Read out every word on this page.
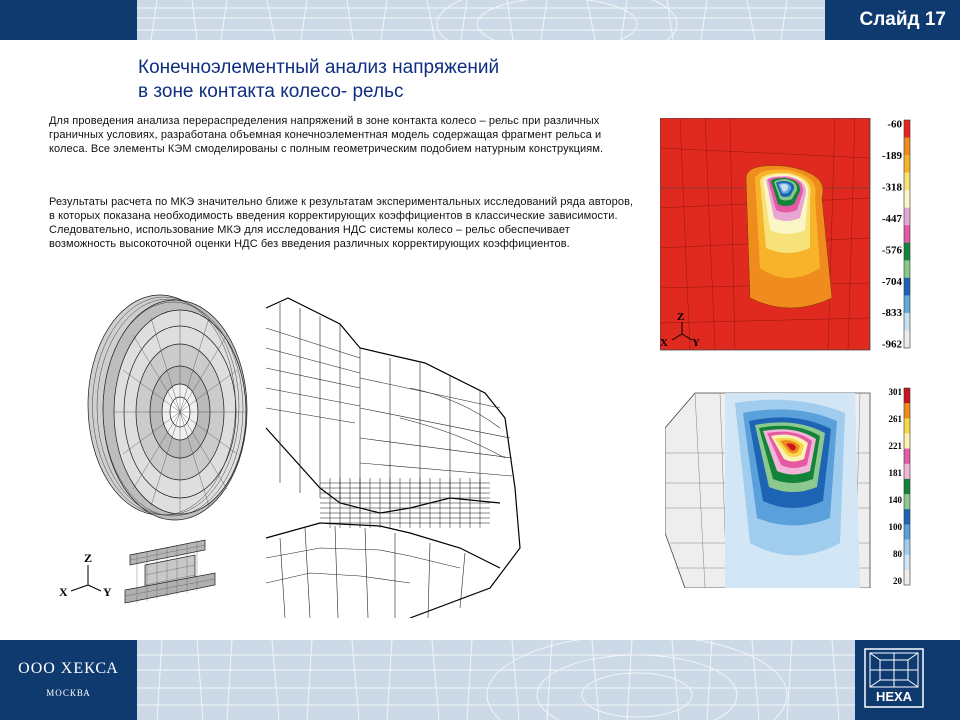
Слайд 17
Конечноэлементный анализ напряжений
в зоне контакта колесо- рельс

Для проведения анализа перераспределения напряжений в зоне контакта колесо – рельс при различных граничных условиях, разработана объемная конечноэлементная модель содержащая фрагмент рельса и колеса. Все элементы КЭМ смоделированы с полным геометрическим подобием натурным конструкциям.

Результаты расчета по МКЭ значительно ближе к результатам экспериментальных исследований ряда авторов, в которых показана необходимость введения корректирующих коэффициентов в классические зависимости. Следовательно, использование МКЭ для исследования НДС системы колесо – рельс обеспечивает возможность высокоточной оценки НДС без введения различных корректирующих коэффициентов.

Z
X	Y
Z
X Y
-60
-189
-318
-447
-576
-704
-833
-962
301
261
221
181
140
100
80
20
ООО ХЕКСА
МОСКВА	HEXA
